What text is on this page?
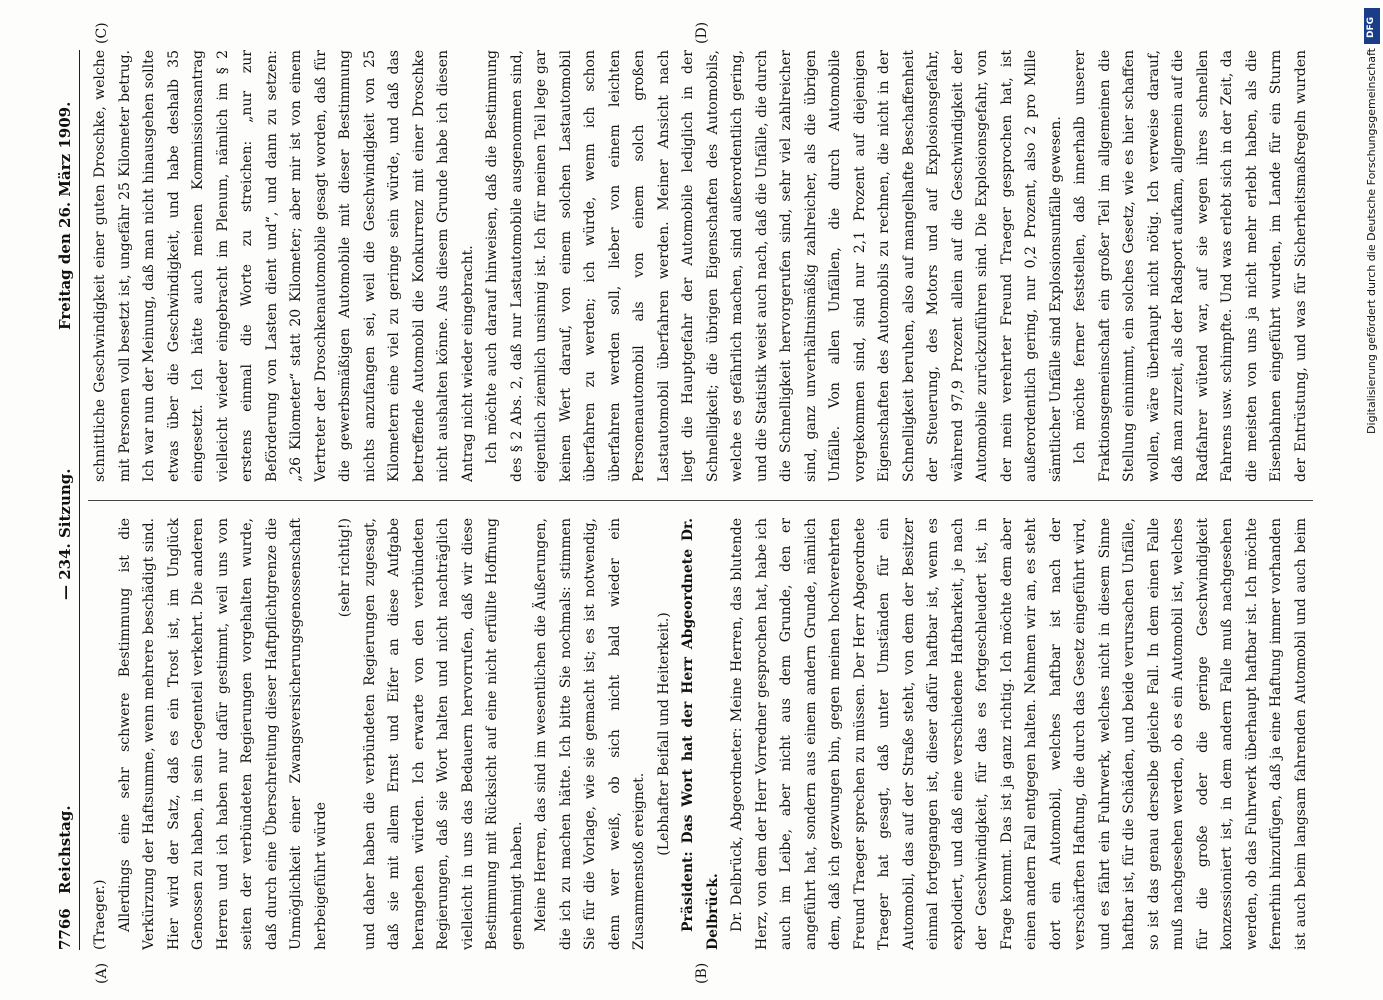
7766
Reichstag.
— 234. Sitzung.
Freitag den 26. März 1909.
(A)	(B)
(C)	(D)

(Traeger.) Allerdings eine sehr schwere Bestimmung ist die Verkürzung der Haftsumme, wenn mehrere beschädigt sind. Hier wird der Satz, daß es ein Trost ist, im Unglück Genossen zu haben, in sein Gegenteil verkehrt. Die anderen Herren und ich haben nur dafür gestimmt, weil uns von seiten der verbündeten Regierungen vorgehalten wurde, daß durch eine Überschreitung dieser Haftpflichtgrenze die Unmöglichkeit einer Zwangsversicherungsgenossenschaft herbeigeführt würde

(sehr richtig!) und daher haben die verbündeten Regierungen zugesagt, daß sie mit allem Ernst und Eifer an diese Aufgabe herangehen würden. Ich erwarte von den verbündeten Regierungen, daß sie Wort halten und nicht nachträglich vielleicht in uns das Bedauern hervorrufen, daß wir diese Bestimmung mit Rücksicht auf eine nicht erfüllte Hoffnung genehmigt haben. Meine Herren, das sind im wesentlichen die Äußerungen, die ich zu machen hätte. Ich bitte Sie nochmals: stimmen Sie für die Vorlage, wie sie gemacht ist; es ist notwendig, denn wer weiß, ob sich nicht bald wieder ein Zusammenstoß ereignet.

(Lebhafter Beifall und Heiterkeit.) Präsident: Das Wort hat der Herr Abgeordnete Dr. Delbrück. Dr. Delbrück, Abgeordneter: Meine Herren, das blutende Herz, von dem der Herr Vorredner gesprochen hat, habe ich auch im Leibe, aber nicht aus dem Grunde, den er angeführt hat, sondern aus einem andern Grunde, nämlich dem, daß ich gezwungen bin, gegen meinen hochverehrten Freund Traeger sprechen zu müssen. Der Herr Abgeordnete Traeger hat gesagt, daß unter Umständen für ein Automobil, das auf der Straße steht, von dem der Besitzer einmal fortgegangen ist, dieser dafür haftbar ist, wenn es explodiert, und daß eine verschiedene Haftbarkeit, je nach der Geschwindigkeit, für das es fortgeschleudert ist, in Frage kommt. Das ist ja ganz richtig. Ich möchte dem aber einen andern Fall entgegen halten. Nehmen wir an, es steht dort ein Automobil, welches haftbar ist nach der verschärften Haftung, die durch das Gesetz eingeführt wird, und es fährt ein Fuhrwerk, welches nicht in diesem Sinne haftbar ist, für die Schäden, und beide verursachen Unfälle, so ist das genau derselbe gleiche Fall. In dem einen Falle muß nachgesehen werden, ob es ein Automobil ist, welches für die große oder die geringe Geschwindigkeit konzessioniert ist, in dem andern Falle muß nachgesehen werden, ob das Fuhrwerk überhaupt haftbar ist. Ich möchte fernerhin hinzufügen, daß ja eine Haftung immer vorhanden ist auch beim langsam fahrenden Automobil und auch beim

schnittliche Geschwindigkeit einer guten Droschke, welche mit Personen voll besetzt ist, ungefähr 25 Kilometer betrug. Ich war nun der Meinung, daß man nicht hinausgehen sollte etwas über die Geschwindigkeit, und habe deshalb 35 eingesetzt. Ich hätte auch meinen Kommissionsantrag vielleicht wieder eingebracht im Plenum, nämlich im § 2 erstens einmal die Worte zu streichen: „nur zur Beförderung von Lasten dient und“, und dann zu setzen: „26 Kilometer“ statt 20 Kilometer; aber mir ist von einem Vertreter der Droschkenautomobile gesagt worden, daß für die gewerbsmäßigen Automobile mit dieser Bestimmung nichts anzufangen sei, weil die Geschwindigkeit von 25 Kilometern eine viel zu geringe sein würde, und daß das betreffende Automobil die Konkurrenz mit einer Droschke nicht aushalten könne. Aus diesem Grunde habe ich diesen Antrag nicht wieder eingebracht. Ich möchte auch darauf hinweisen, daß die Bestimmung des § 2 Abs. 2, daß nur Lastautomobile ausgenommen sind, eigentlich ziemlich unsinnig ist. Ich für meinen Teil lege gar keinen Wert darauf, von einem solchen Lastautomobil überfahren zu werden; ich würde, wenn ich schon überfahren werden soll, lieber von einem leichten Personenautomobil als von einem solch großen Lastautomobil überfahren werden. Meiner Ansicht nach liegt die Hauptgefahr der Automobile lediglich in der Schnelligkeit; die übrigen Eigenschaften des Automobils, welche es gefährlich machen, sind außerordentlich gering, und die Statistik weist auch nach, daß die Unfälle, die durch die Schnelligkeit hervorgerufen sind, sehr viel zahlreicher sind, ganz unverhältnismäßig zahlreicher, als die übrigen Unfälle. Von allen Unfällen, die durch Automobile vorgekommen sind, sind nur 2,1 Prozent auf diejenigen Eigenschaften des Automobils zu rechnen, die nicht in der Schnelligkeit beruhen, also auf mangelhafte Beschaffenheit der Steuerung, des Motors und auf Explosionsgefahr, während 97,9 Prozent allein auf die Geschwindigkeit der Automobile zurückzuführen sind. Die Explosionsgefahr, von der mein verehrter Freund Traeger gesprochen hat, ist außerordentlich gering, nur 0,2 Prozent, also 2 pro Mille sämtlicher Unfälle sind Explosionsunfälle gewesen. Ich möchte ferner feststellen, daß innerhalb unserer Fraktionsgemeinschaft ein großer Teil im allgemeinen die Stellung einnimmt, ein solches Gesetz, wie es hier schaffen wollen, wäre überhaupt nicht nötig. Ich verweise darauf, daß man zurzeit, als der Radsport aufkam, allgemein auf die Radfahrer wütend war, auf sie wegen ihres schnellen Fahrens usw. schimpfte. Und was erlebt sich in der Zeit, da die meisten von uns ja nicht mehr erlebt haben, als die Eisenbahnen eingeführt wurden, im Lande für ein Sturm der Entrüstung, und was für Sicherheitsmaßregeln wurden

DFG
Digitalisierung gefördert durch die Deutsche Forschungsgemeinschaft
